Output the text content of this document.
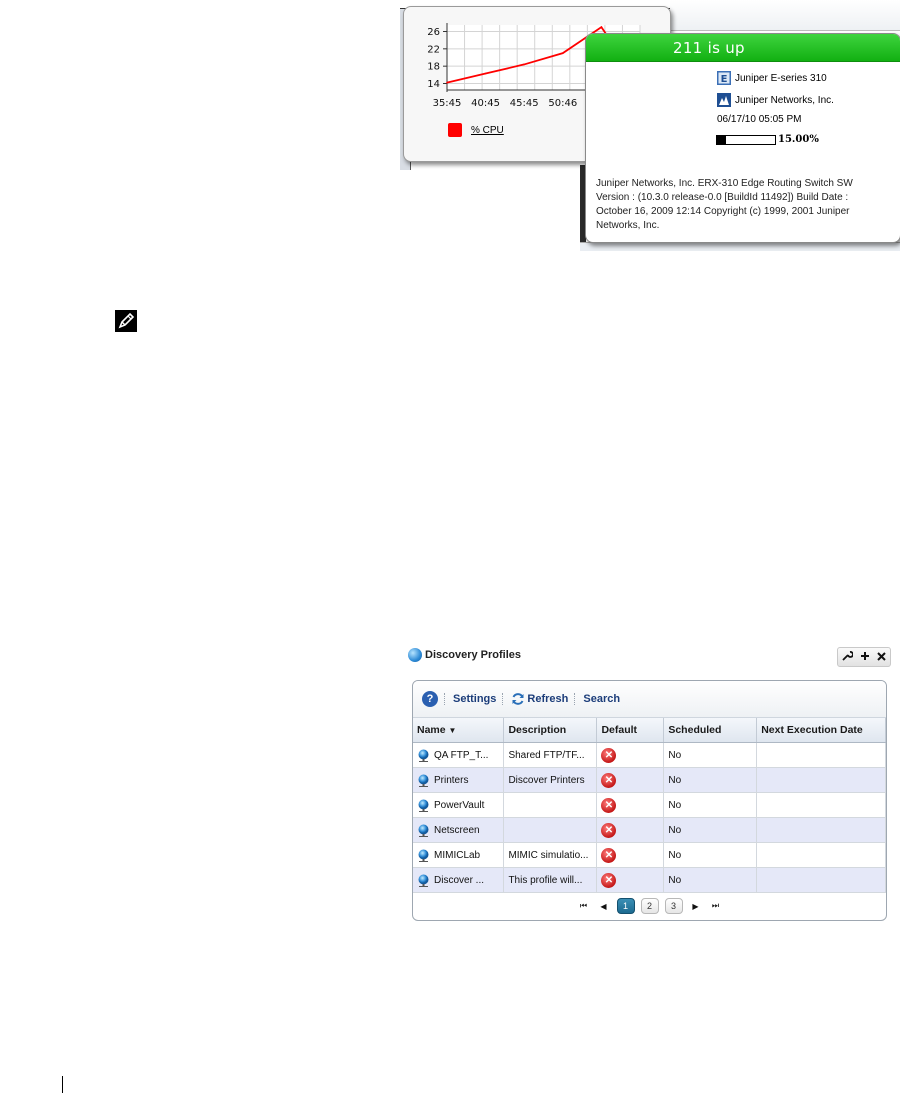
14
18
22
26
35:45 40:45 45:45 50:46
% CPU
211 is up
E Juniper E-series 310
Juniper Networks, Inc.
06/17/10 05:05 PM
15.00%
Juniper Networks, Inc. ERX-310 Edge Routing Switch SW Version : (10.3.0 release-0.0 [BuildId 11492]) Build Date : October 16, 2009 12:14 Copyright (c) 1999, 2001 Juniper Networks, Inc.
Discovery Profiles
?	Settings	Refresh Search
Name ▼	Description	Default	Scheduled	Next Execution Date
QA FTP_T...	Shared FTP/TF...	✕	No	
Printers	Discover Printers	✕	No	
PowerVault		✕	No	
Netscreen		✕	No	
MIMICLab	MIMIC simulatio...	✕	No	
Discover ...	This profile will...	✕	No	
⏮	◀	1	2	3	▶	⏭
